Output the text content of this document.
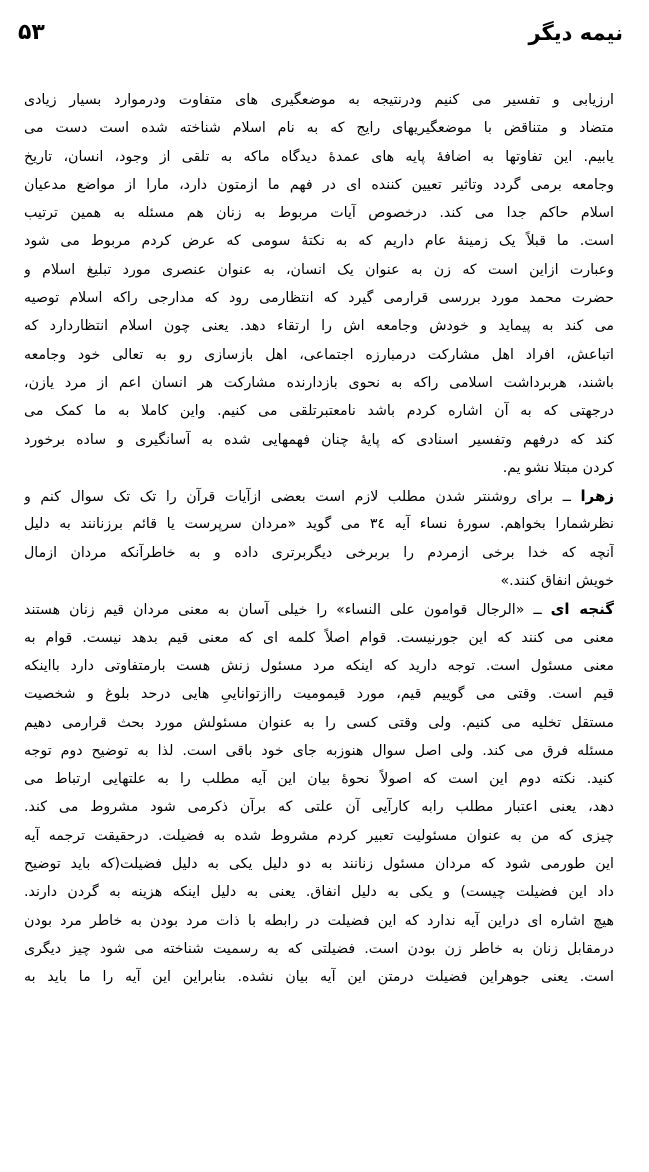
نیمه دیگر
۵۳
ارزیابی و تفسیر می کنیم ودرنتیجه به موضعگیری های متفاوت ودرموارد بسیار زیادی
متضاد و متناقض با موضعگیریهای رایج که به نام اسلام شناخته شده است دست می
یابیم. این تفاوتها به اضافهٔ پایه های عمدهٔ دیدگاه ماکه به تلقی از وجود، انسان، تاریخ
وجامعه برمی گردد وتاثیر تعیین کننده ای در فهم ما ازمتون دارد، مارا از مواضع مدعیان
اسلام حاکم جدا می کند. درخصوص آیات مربوط به زنان هم مسئله به همین ترتیب
است. ما قبلاً یک زمینهٔ عام داریم که به نکتهٔ سومی که عرض کردم مربوط می شود
وعبارت ازاین است که زن به عنوان یک انسان، به عنوان عنصری مورد تبلیغ اسلام و
حضرت محمد مورد بررسی قرارمی گیرد که انتظارمی رود که مدارجی راکه اسلام توصیه
می کند به پیماید و خودش وجامعه اش را ارتقاء دهد. یعنی چون اسلام انتظاردارد که
اتباعش، افراد اهل مشارکت درمبارزه اجتماعی، اهل بازسازی رو به تعالی خود وجامعه
باشند، هربرداشت اسلامی راکه به نحوی بازدارنده مشارکت هر انسان اعم از مرد یازن،
درجهتی که به آن اشاره کردم باشد نامعتبرتلقی می کنیم. واین کاملا به ما کمک می
کند که درفهم وتفسیر اسنادی که پایهٔ چنان فهمهایی شده به آسانگیری و ساده برخورد
کردن مبتلا نشو یم.
زهرا ــ برای روشنتر شدن مطلب لازم است بعضی ازآیات قرآن را تک تک سوال کنم و
نظرشمارا بخواهم. سورهٔ نساء آیه ۳٤ می گوید «مردان سرپرست یا قائم برزنانند به دلیل
آنچه که خدا برخی ازمردم را بربرخی دیگربرتری داده و به خاطرآنکه مردان ازمال
خویش انفاق کنند.»
گنجه ای ــ «الرجال قوامون علی النساء» را خیلی آسان به معنی مردان قیم زنان هستند
معنی می کنند که این جورنیست. قوام اصلاً کلمه ای که معنی قیم بدهد نیست. قوام به
معنی مسئول است. توجه دارید که اینکه مرد مسئول زنش هست بارمتفاوتی دارد بااینکه
قیم است. وقتی می گوییم قیم، مورد قیمومیت راازتواناییِ هایی درحد بلوغ و شخصیت
مستقل تخلیه می کنیم. ولی وقتی کسی را به عنوان مسئولش مورد بحث قرارمی دهیم
مسئله فرق می کند. ولی اصل سوال هنوزبه جای خود باقی است. لذا به توضیح دوم توجه
کنید. نکته دوم این است که اصولاً نحوهٔ بیان این آیه مطلب را به علتهایی ارتباط می
دهد، یعنی اعتبار مطلب رابه کارآیی آن علتی که برآن ذکرمی شود مشروط می کند.
چیزی که من به عنوان مسئولیت تعبیر کردم مشروط شده به فضیلت. درحقیقت ترجمه آیه
این طورمی شود که مردان مسئول زنانند به دو دلیل یکی به دلیل فضیلت(که باید توضیح
داد این فضیلت چیست) و یکی به دلیل انفاق. یعنی به دلیل اینکه هزینه به گردن دارند.
هیچ اشاره ای دراین آیه ندارد که این فضیلت در رابطه با ذات مرد بودن به خاطر مرد بودن
درمقابل زنان به خاطر زن بودن است. فضیلتی که به رسمیت شناخته می شود چیز دیگری
است. یعنی جوهراین فضیلت درمتن این آیه بیان نشده. بنابراین این آیه را ما باید به
